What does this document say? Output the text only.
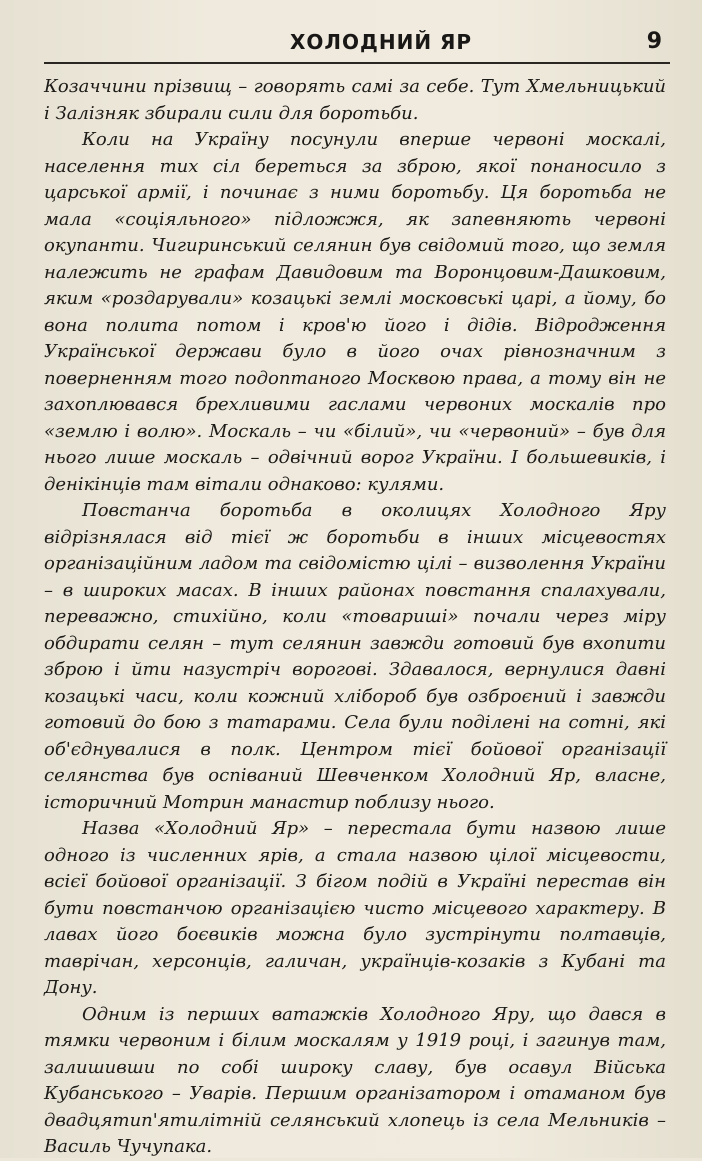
ХОЛОДНИЙ ЯР	9

Козаччини прізвищ – говорять самі за себе. Тут Хмельницький і Залізняк збирали сили для боротьби.

Коли на Україну посунули вперше червоні москалі, населення тих сіл береться за зброю, якої понаносило з царської армії, і починає з ними боротьбу. Ця боротьба не мала «соціяльного» підложжя, як запевняють червоні окупанти. Чигиринський селянин був свідомий того, що земля належить не графам Давидовим та Воронцовим-Дашковим, яким «роздарували» козацькі землі московські царі, а йому, бо вона полита потом і кров'ю його і дідів. Відродження Української держави було в його очах рівнозначним з поверненням того подоптаного Москвою права, а тому він не захоплювався брехливими гаслами червоних москалів про «землю і волю». Москаль – чи «білий», чи «червоний» – був для нього лише москаль – одвічний ворог України. І большевиків, і денікінців там вітали однаково: кулями.

Повстанча боротьба в околицях Холодного Яру відрізнялася від тієї ж боротьби в інших місцевостях організаційним ладом та свідомістю цілі – визволення України – в широких масах. В інших районах повстання спалахували, переважно, стихійно, коли «товариші» почали через міру обдирати селян – тут селянин завжди готовий був вхопити зброю і йти назустріч ворогові. Здавалося, вернулися давні козацькі часи, коли кожний хлібороб був озброєний і завжди готовий до бою з татарами. Села були поділені на сотні, які об'єднувалися в полк. Центром тієї бойової організації селянства був оспіваний Шевченком Холодний Яр, власне, історичний Мотрин манастир поблизу нього.

Назва «Холодний Яр» – перестала бути назвою лише одного із численних ярів, а стала назвою цілої місцевости, всієї бойової організації. З бігом подій в Україні перестав він бути повстанчою організацією чисто місцевого характеру. В лавах його боєвиків можна було зустрінути полтавців, таврічан, херсонців, галичан, українців-козаків з Кубані та Дону.

Одним із перших ватажків Холодного Яру, що дався в тямки червоним і білим москалям у 1919 році, і загинув там, залишивши по собі широку славу, був осавул Війська Кубанського – Уварів. Першим організатором і отаманом був двадцятип'ятилітній селянський хлопець із села Мельників – Василь Чучупака.
